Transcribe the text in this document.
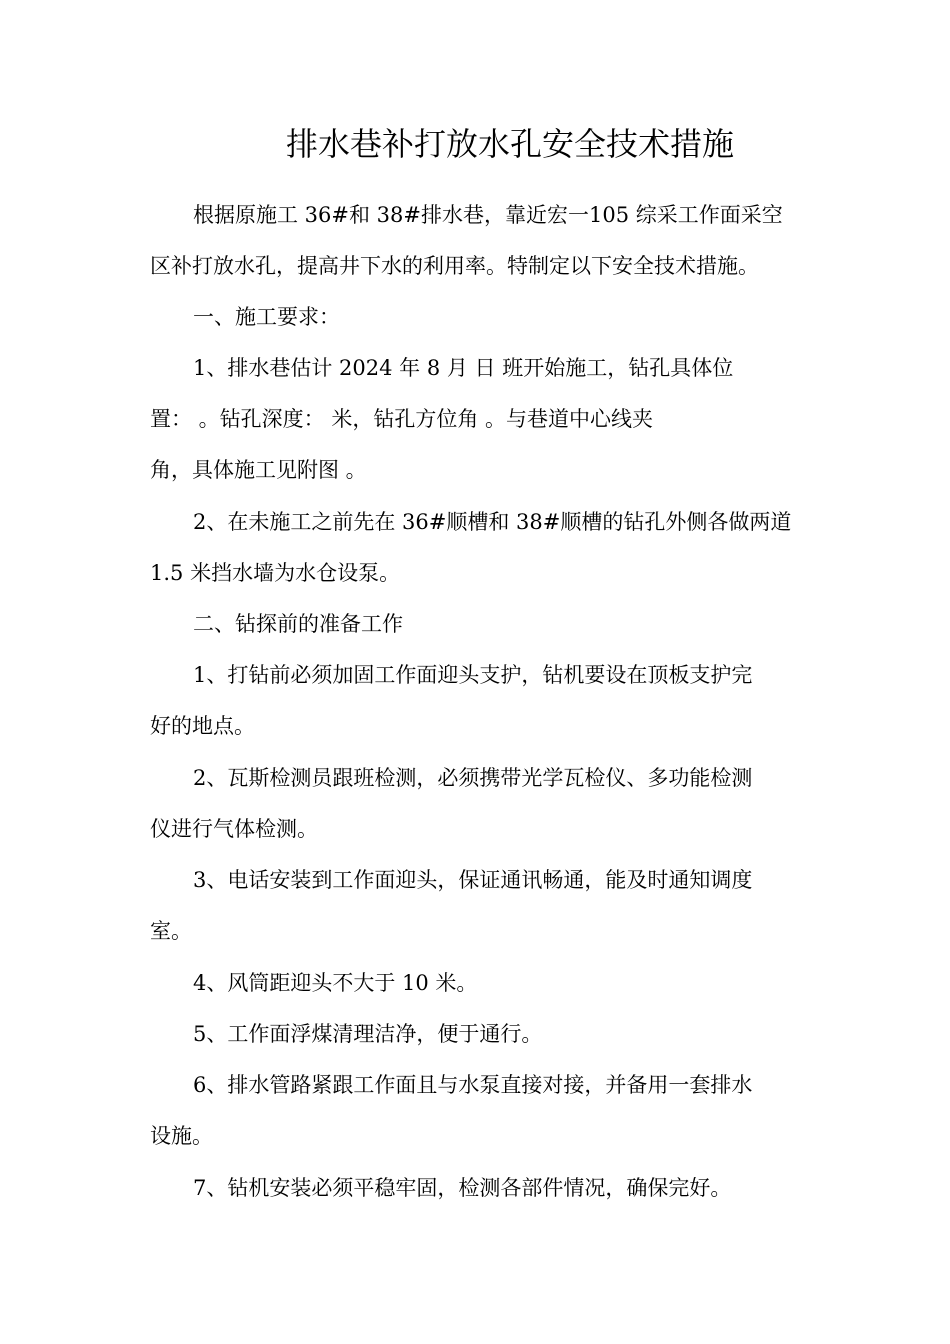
排水巷补打放水孔安全技术措施

根据原施工 36#和 38#排水巷，靠近宏一105 综采工作面采空

区补打放水孔，提高井下水的利用率。特制定以下安全技术措施。

一、施工要求：

1、排水巷估计 2024 年 8 月 日 班开始施工，钻孔具体位

置： 。钻孔深度： 米，钻孔方位角 。与巷道中心线夹

角，具体施工见附图 。

2、在未施工之前先在 36#顺槽和 38#顺槽的钻孔外侧各做两道

1.5 米挡水墙为水仓设泵。

二、钻探前的准备工作

1、打钻前必须加固工作面迎头支护，钻机要设在顶板支护完

好的地点。

2、瓦斯检测员跟班检测，必须携带光学瓦检仪、多功能检测

仪进行气体检测。

3、电话安装到工作面迎头，保证通讯畅通，能及时通知调度

室。

4、风筒距迎头不大于 10 米。

5、工作面浮煤清理洁净，便于通行。

6、排水管路紧跟工作面且与水泵直接对接，并备用一套排水

设施。

7、钻机安装必须平稳牢固，检测各部件情况，确保完好。
